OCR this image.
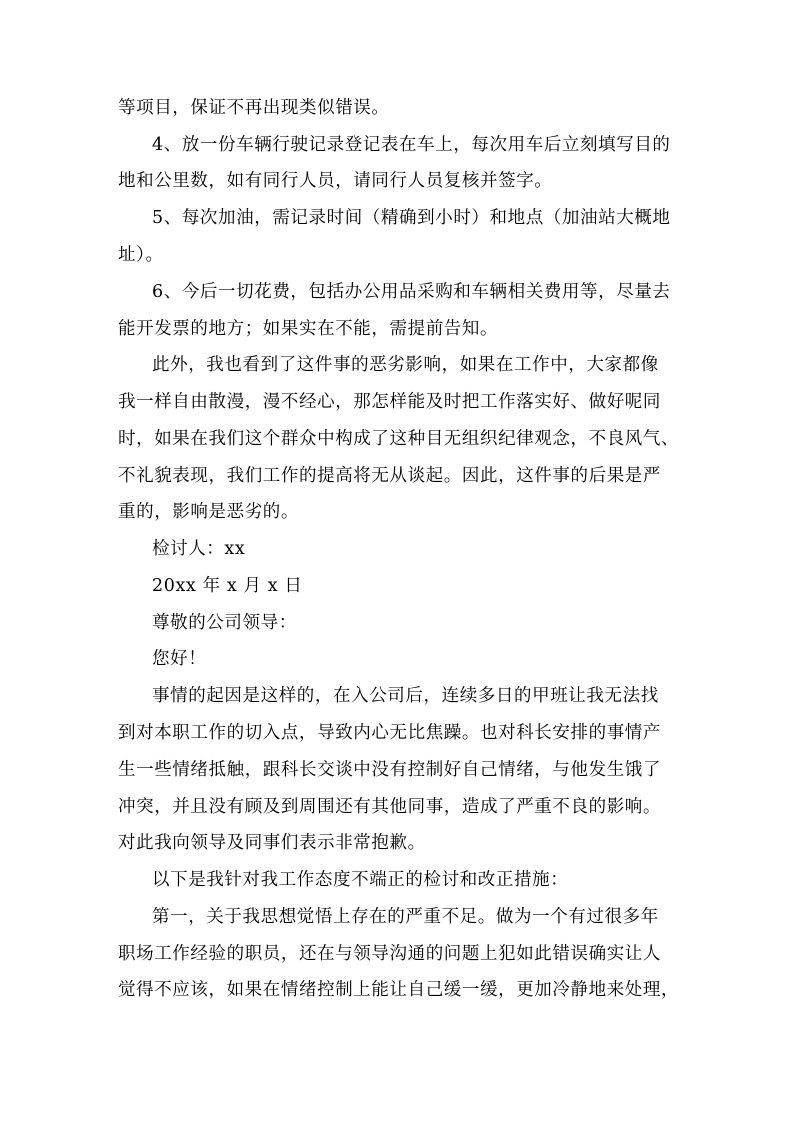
等项目，保证不再出现类似错误。
4、放一份车辆行驶记录登记表在车上，每次用车后立刻填写目的
地和公里数，如有同行人员，请同行人员复核并签字。
5、每次加油，需记录时间（精确到小时）和地点（加油站大概地
址）。
6、今后一切花费，包括办公用品采购和车辆相关费用等，尽量去
能开发票的地方；如果实在不能，需提前告知。
此外，我也看到了这件事的恶劣影响，如果在工作中，大家都像
我一样自由散漫，漫不经心，那怎样能及时把工作落实好、做好呢同
时，如果在我们这个群众中构成了这种目无组织纪律观念，不良风气、
不礼貌表现，我们工作的提高将无从谈起。因此，这件事的后果是严
重的，影响是恶劣的。
检讨人：xx
20xx 年 x 月 x 日
尊敬的公司领导：
您好！
事情的起因是这样的，在入公司后，连续多日的甲班让我无法找
到对本职工作的切入点，导致内心无比焦躁。也对科长安排的事情产
生一些情绪抵触，跟科长交谈中没有控制好自己情绪，与他发生饿了
冲突，并且没有顾及到周围还有其他同事，造成了严重不良的影响。
对此我向领导及同事们表示非常抱歉。
以下是我针对我工作态度不端正的检讨和改正措施：
第一，关于我思想觉悟上存在的严重不足。做为一个有过很多年
职场工作经验的职员，还在与领导沟通的问题上犯如此错误确实让人
觉得不应该，如果在情绪控制上能让自己缓一缓，更加冷静地来处理，
